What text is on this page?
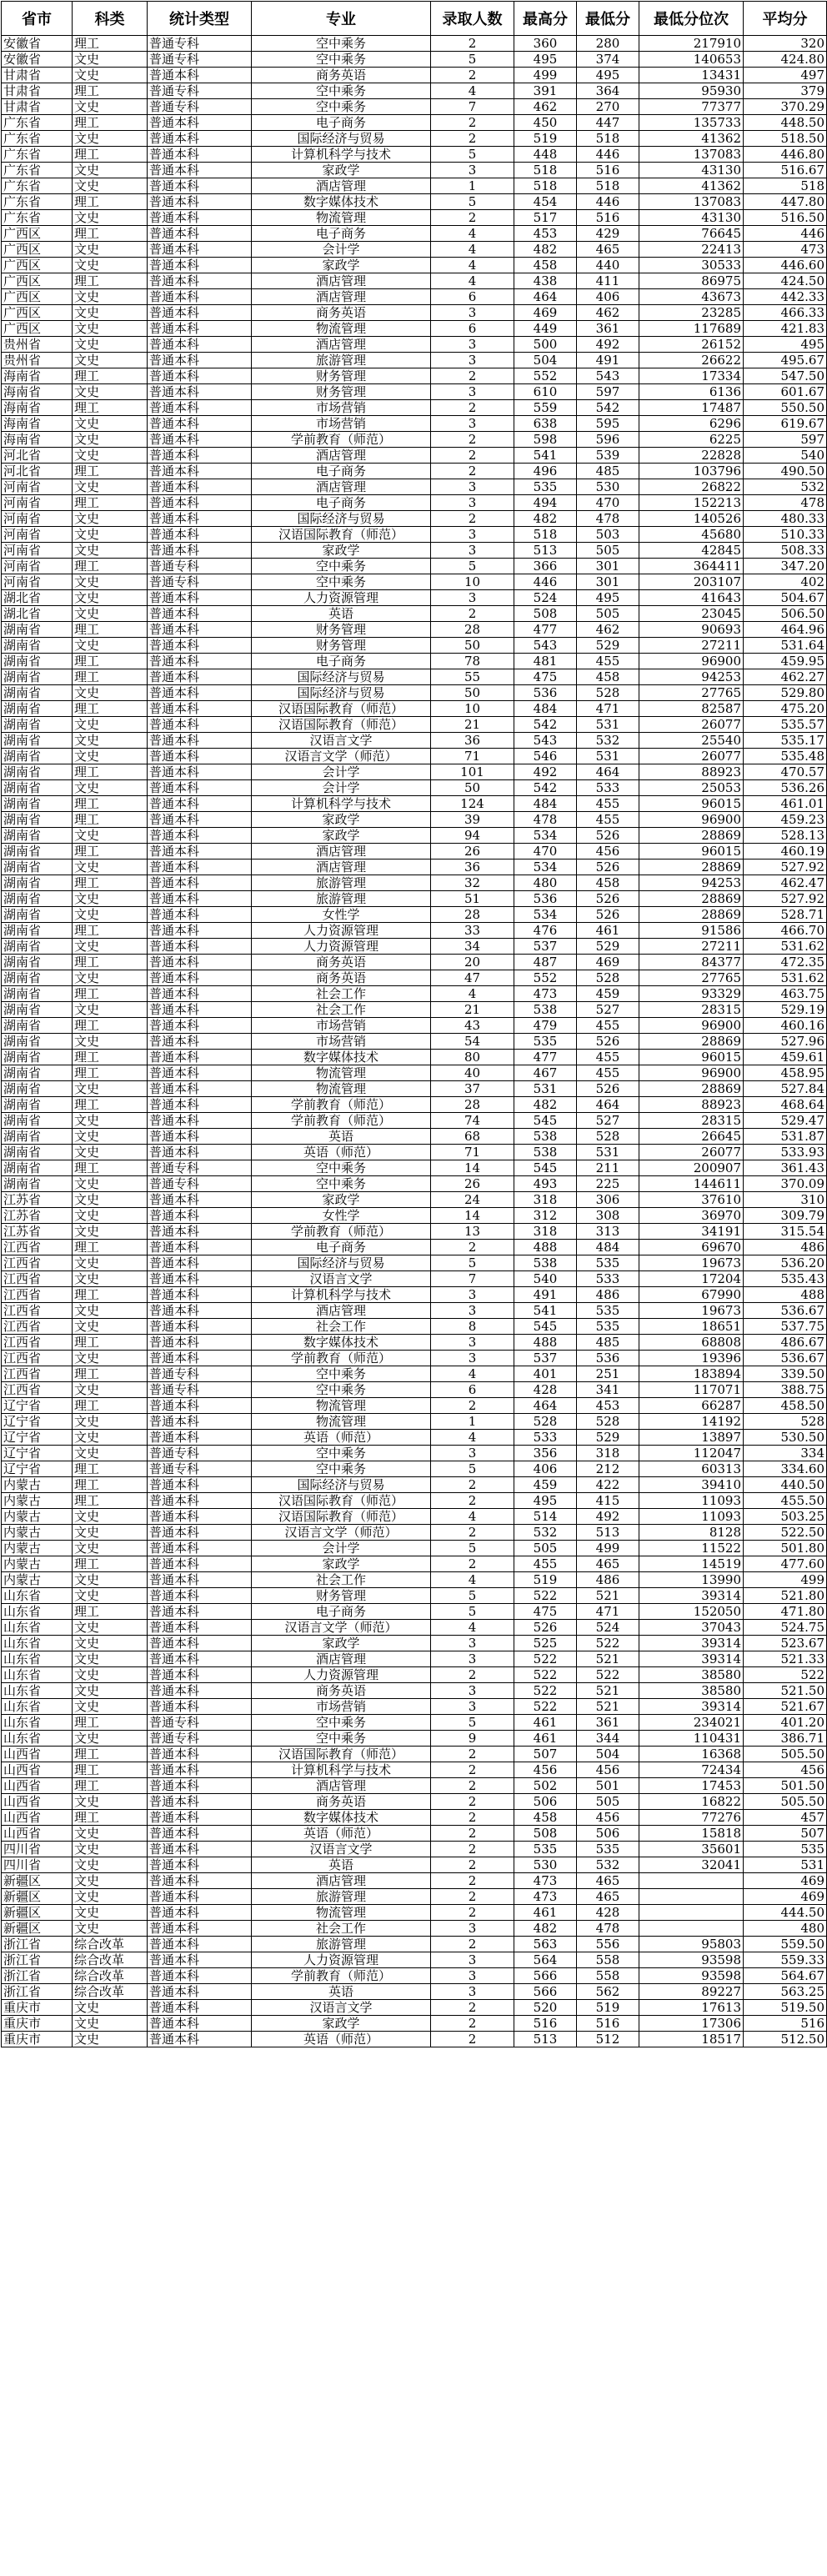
省市	科类	统计类型	专业	录取人数	最高分	最低分	最低分位次	平均分
安徽省	理工	普通专科	空中乘务	2	360	280	217910	320
安徽省	文史	普通专科	空中乘务	5	495	374	140653	424.80
甘肃省	文史	普通本科	商务英语	2	499	495	13431	497
甘肃省	理工	普通专科	空中乘务	4	391	364	95930	379
甘肃省	文史	普通专科	空中乘务	7	462	270	77377	370.29
广东省	理工	普通本科	电子商务	2	450	447	135733	448.50
广东省	文史	普通本科	国际经济与贸易	2	519	518	41362	518.50
广东省	理工	普通本科	计算机科学与技术	5	448	446	137083	446.80
广东省	文史	普通本科	家政学	3	518	516	43130	516.67
广东省	文史	普通本科	酒店管理	1	518	518	41362	518
广东省	理工	普通本科	数字媒体技术	5	454	446	137083	447.80
广东省	文史	普通本科	物流管理	2	517	516	43130	516.50
广西区	理工	普通本科	电子商务	4	453	429	76645	446
广西区	文史	普通本科	会计学	4	482	465	22413	473
广西区	文史	普通本科	家政学	4	458	440	30533	446.60
广西区	理工	普通本科	酒店管理	4	438	411	86975	424.50
广西区	文史	普通本科	酒店管理	6	464	406	43673	442.33
广西区	文史	普通本科	商务英语	3	469	462	23285	466.33
广西区	文史	普通本科	物流管理	6	449	361	117689	421.83
贵州省	文史	普通本科	酒店管理	3	500	492	26152	495
贵州省	文史	普通本科	旅游管理	3	504	491	26622	495.67
海南省	理工	普通本科	财务管理	2	552	543	17334	547.50
海南省	文史	普通本科	财务管理	3	610	597	6136	601.67
海南省	理工	普通本科	市场营销	2	559	542	17487	550.50
海南省	文史	普通本科	市场营销	3	638	595	6296	619.67
海南省	文史	普通本科	学前教育（师范）	2	598	596	6225	597
河北省	文史	普通本科	酒店管理	2	541	539	22828	540
河北省	理工	普通本科	电子商务	2	496	485	103796	490.50
河南省	文史	普通本科	酒店管理	3	535	530	26822	532
河南省	理工	普通本科	电子商务	3	494	470	152213	478
河南省	文史	普通本科	国际经济与贸易	2	482	478	140526	480.33
河南省	文史	普通本科	汉语国际教育（师范）	3	518	503	45680	510.33
河南省	文史	普通本科	家政学	3	513	505	42845	508.33
河南省	理工	普通专科	空中乘务	5	366	301	364411	347.20
河南省	文史	普通专科	空中乘务	10	446	301	203107	402
湖北省	文史	普通本科	人力资源管理	3	524	495	41643	504.67
湖北省	文史	普通本科	英语	2	508	505	23045	506.50
湖南省	理工	普通本科	财务管理	28	477	462	90693	464.96
湖南省	文史	普通本科	财务管理	50	543	529	27211	531.64
湖南省	理工	普通本科	电子商务	78	481	455	96900	459.95
湖南省	理工	普通本科	国际经济与贸易	55	475	458	94253	462.27
湖南省	文史	普通本科	国际经济与贸易	50	536	528	27765	529.80
湖南省	理工	普通本科	汉语国际教育（师范）	10	484	471	82587	475.20
湖南省	文史	普通本科	汉语国际教育（师范）	21	542	531	26077	535.57
湖南省	文史	普通本科	汉语言文学	36	543	532	25540	535.17
湖南省	文史	普通本科	汉语言文学（师范）	71	546	531	26077	535.48
湖南省	理工	普通本科	会计学	101	492	464	88923	470.57
湖南省	文史	普通本科	会计学	50	542	533	25053	536.26
湖南省	理工	普通本科	计算机科学与技术	124	484	455	96015	461.01
湖南省	理工	普通本科	家政学	39	478	455	96900	459.23
湖南省	文史	普通本科	家政学	94	534	526	28869	528.13
湖南省	理工	普通本科	酒店管理	26	470	456	96015	460.19
湖南省	文史	普通本科	酒店管理	36	534	526	28869	527.92
湖南省	理工	普通本科	旅游管理	32	480	458	94253	462.47
湖南省	文史	普通本科	旅游管理	51	536	526	28869	527.92
湖南省	文史	普通本科	女性学	28	534	526	28869	528.71
湖南省	理工	普通本科	人力资源管理	33	476	461	91586	466.70
湖南省	文史	普通本科	人力资源管理	34	537	529	27211	531.62
湖南省	理工	普通本科	商务英语	20	487	469	84377	472.35
湖南省	文史	普通本科	商务英语	47	552	528	27765	531.62
湖南省	理工	普通本科	社会工作	4	473	459	93329	463.75
湖南省	文史	普通本科	社会工作	21	538	527	28315	529.19
湖南省	理工	普通本科	市场营销	43	479	455	96900	460.16
湖南省	文史	普通本科	市场营销	54	535	526	28869	527.96
湖南省	理工	普通本科	数字媒体技术	80	477	455	96015	459.61
湖南省	理工	普通本科	物流管理	40	467	455	96900	458.95
湖南省	文史	普通本科	物流管理	37	531	526	28869	527.84
湖南省	理工	普通本科	学前教育（师范）	28	482	464	88923	468.64
湖南省	文史	普通本科	学前教育（师范）	74	545	527	28315	529.47
湖南省	文史	普通本科	英语	68	538	528	26645	531.87
湖南省	文史	普通本科	英语（师范）	71	538	531	26077	533.93
湖南省	理工	普通专科	空中乘务	14	545	211	200907	361.43
湖南省	文史	普通专科	空中乘务	26	493	225	144611	370.09
江苏省	文史	普通本科	家政学	24	318	306	37610	310
江苏省	文史	普通本科	女性学	14	312	308	36970	309.79
江苏省	文史	普通本科	学前教育（师范）	13	318	313	34191	315.54
江西省	理工	普通本科	电子商务	2	488	484	69670	486
江西省	文史	普通本科	国际经济与贸易	5	538	535	19673	536.20
江西省	文史	普通本科	汉语言文学	7	540	533	17204	535.43
江西省	理工	普通本科	计算机科学与技术	3	491	486	67990	488
江西省	文史	普通本科	酒店管理	3	541	535	19673	536.67
江西省	文史	普通本科	社会工作	8	545	535	18651	537.75
江西省	理工	普通本科	数字媒体技术	3	488	485	68808	486.67
江西省	文史	普通本科	学前教育（师范）	3	537	536	19396	536.67
江西省	理工	普通专科	空中乘务	4	401	251	183894	339.50
江西省	文史	普通专科	空中乘务	6	428	341	117071	388.75
辽宁省	理工	普通本科	物流管理	2	464	453	66287	458.50
辽宁省	文史	普通本科	物流管理	1	528	528	14192	528
辽宁省	文史	普通本科	英语（师范）	4	533	529	13897	530.50
辽宁省	文史	普通专科	空中乘务	3	356	318	112047	334
辽宁省	理工	普通专科	空中乘务	5	406	212	60313	334.60
内蒙古	理工	普通本科	国际经济与贸易	2	459	422	39410	440.50
内蒙古	理工	普通本科	汉语国际教育（师范）	2	495	415	11093	455.50
内蒙古	文史	普通本科	汉语国际教育（师范）	4	514	492	11093	503.25
内蒙古	文史	普通本科	汉语言文学（师范）	2	532	513	8128	522.50
内蒙古	文史	普通本科	会计学	5	505	499	11522	501.80
内蒙古	理工	普通本科	家政学	2	455	465	14519	477.60
内蒙古	文史	普通本科	社会工作	4	519	486	13990	499
山东省	文史	普通本科	财务管理	5	522	521	39314	521.80
山东省	理工	普通本科	电子商务	5	475	471	152050	471.80
山东省	文史	普通本科	汉语言文学（师范）	4	526	524	37043	524.75
山东省	文史	普通本科	家政学	3	525	522	39314	523.67
山东省	文史	普通本科	酒店管理	3	522	521	39314	521.33
山东省	文史	普通本科	人力资源管理	2	522	522	38580	522
山东省	文史	普通本科	商务英语	3	522	521	38580	521.50
山东省	文史	普通本科	市场营销	3	522	521	39314	521.67
山东省	理工	普通专科	空中乘务	5	461	361	234021	401.20
山东省	文史	普通专科	空中乘务	9	461	344	110431	386.71
山西省	理工	普通本科	汉语国际教育（师范）	2	507	504	16368	505.50
山西省	理工	普通本科	计算机科学与技术	2	456	456	72434	456
山西省	理工	普通本科	酒店管理	2	502	501	17453	501.50
山西省	文史	普通本科	商务英语	2	506	505	16822	505.50
山西省	理工	普通本科	数字媒体技术	2	458	456	77276	457
山西省	文史	普通本科	英语（师范）	2	508	506	15818	507
四川省	文史	普通本科	汉语言文学	2	535	535	35601	535
四川省	文史	普通本科	英语	2	530	532	32041	531
新疆区	文史	普通本科	酒店管理	2	473	465		469
新疆区	文史	普通本科	旅游管理	2	473	465		469
新疆区	文史	普通本科	物流管理	2	461	428		444.50
新疆区	文史	普通本科	社会工作	3	482	478		480
浙江省	综合改革	普通本科	旅游管理	2	563	556	95803	559.50
浙江省	综合改革	普通本科	人力资源管理	3	564	558	93598	559.33
浙江省	综合改革	普通本科	学前教育（师范）	3	566	558	93598	564.67
浙江省	综合改革	普通本科	英语	3	566	562	89227	563.25
重庆市	文史	普通本科	汉语言文学	2	520	519	17613	519.50
重庆市	文史	普通本科	家政学	2	516	516	17306	516
重庆市	文史	普通本科	英语（师范）	2	513	512	18517	512.50
